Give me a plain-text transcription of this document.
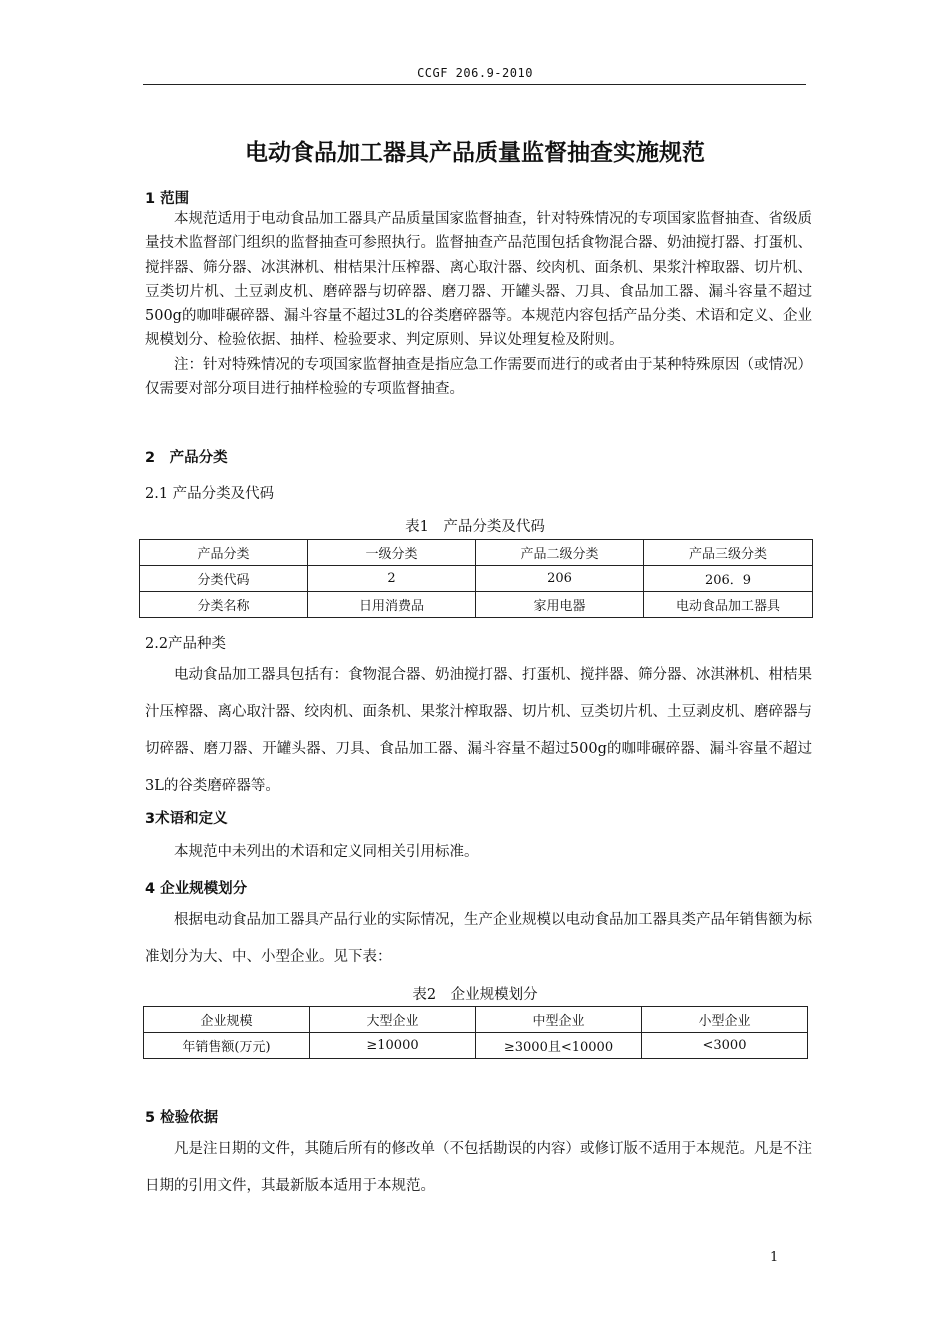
CCGF 206.9-2010
电动食品加工器具产品质量监督抽查实施规范
1 范围

本规范适用于电动食品加工器具产品质量国家监督抽查，针对特殊情况的专项国家监督抽查、省级质量技术监督部门组织的监督抽查可参照执行。监督抽查产品范围包括食物混合器、奶油搅打器、打蛋机、搅拌器、筛分器、冰淇淋机、柑桔果汁压榨器、离心取汁器、绞肉机、面条机、果浆汁榨取器、切片机、豆类切片机、土豆剥皮机、磨碎器与切碎器、磨刀器、开罐头器、刀具、食品加工器、漏斗容量不超过500g的咖啡碾碎器、漏斗容量不超过3L的谷类磨碎器等。本规范内容包括产品分类、术语和定义、企业规模划分、检验依据、抽样、检验要求、判定原则、异议处理复检及附则。

注：针对特殊情况的专项国家监督抽查是指应急工作需要而进行的或者由于某种特殊原因（或情况）仅需要对部分项目进行抽样检验的专项监督抽查。

2　产品分类
2.1 产品分类及代码
表1　产品分类及代码
产品分类	一级分类	产品二级分类	产品三级分类
分类代码	2	206	206．9
分类名称	日用消费品	家用电器	电动食品加工器具
2.2产品种类

电动食品加工器具包括有：食物混合器、奶油搅打器、打蛋机、搅拌器、筛分器、冰淇淋机、柑桔果汁压榨器、离心取汁器、绞肉机、面条机、果浆汁榨取器、切片机、豆类切片机、土豆剥皮机、磨碎器与切碎器、磨刀器、开罐头器、刀具、食品加工器、漏斗容量不超过500g的咖啡碾碎器、漏斗容量不超过3L的谷类磨碎器等。

3术语和定义

本规范中未列出的术语和定义同相关引用标准。

4 企业规模划分

根据电动食品加工器具产品行业的实际情况，生产企业规模以电动食品加工器具类产品年销售额为标准划分为大、中、小型企业。见下表：

表2　企业规模划分
企业规模	大型企业	中型企业	小型企业
年销售额(万元)	≥10000	≥3000且<10000	<3000
5 检验依据

凡是注日期的文件，其随后所有的修改单（不包括勘误的内容）或修订版不适用于本规范。凡是不注日期的引用文件，其最新版本适用于本规范。

1
